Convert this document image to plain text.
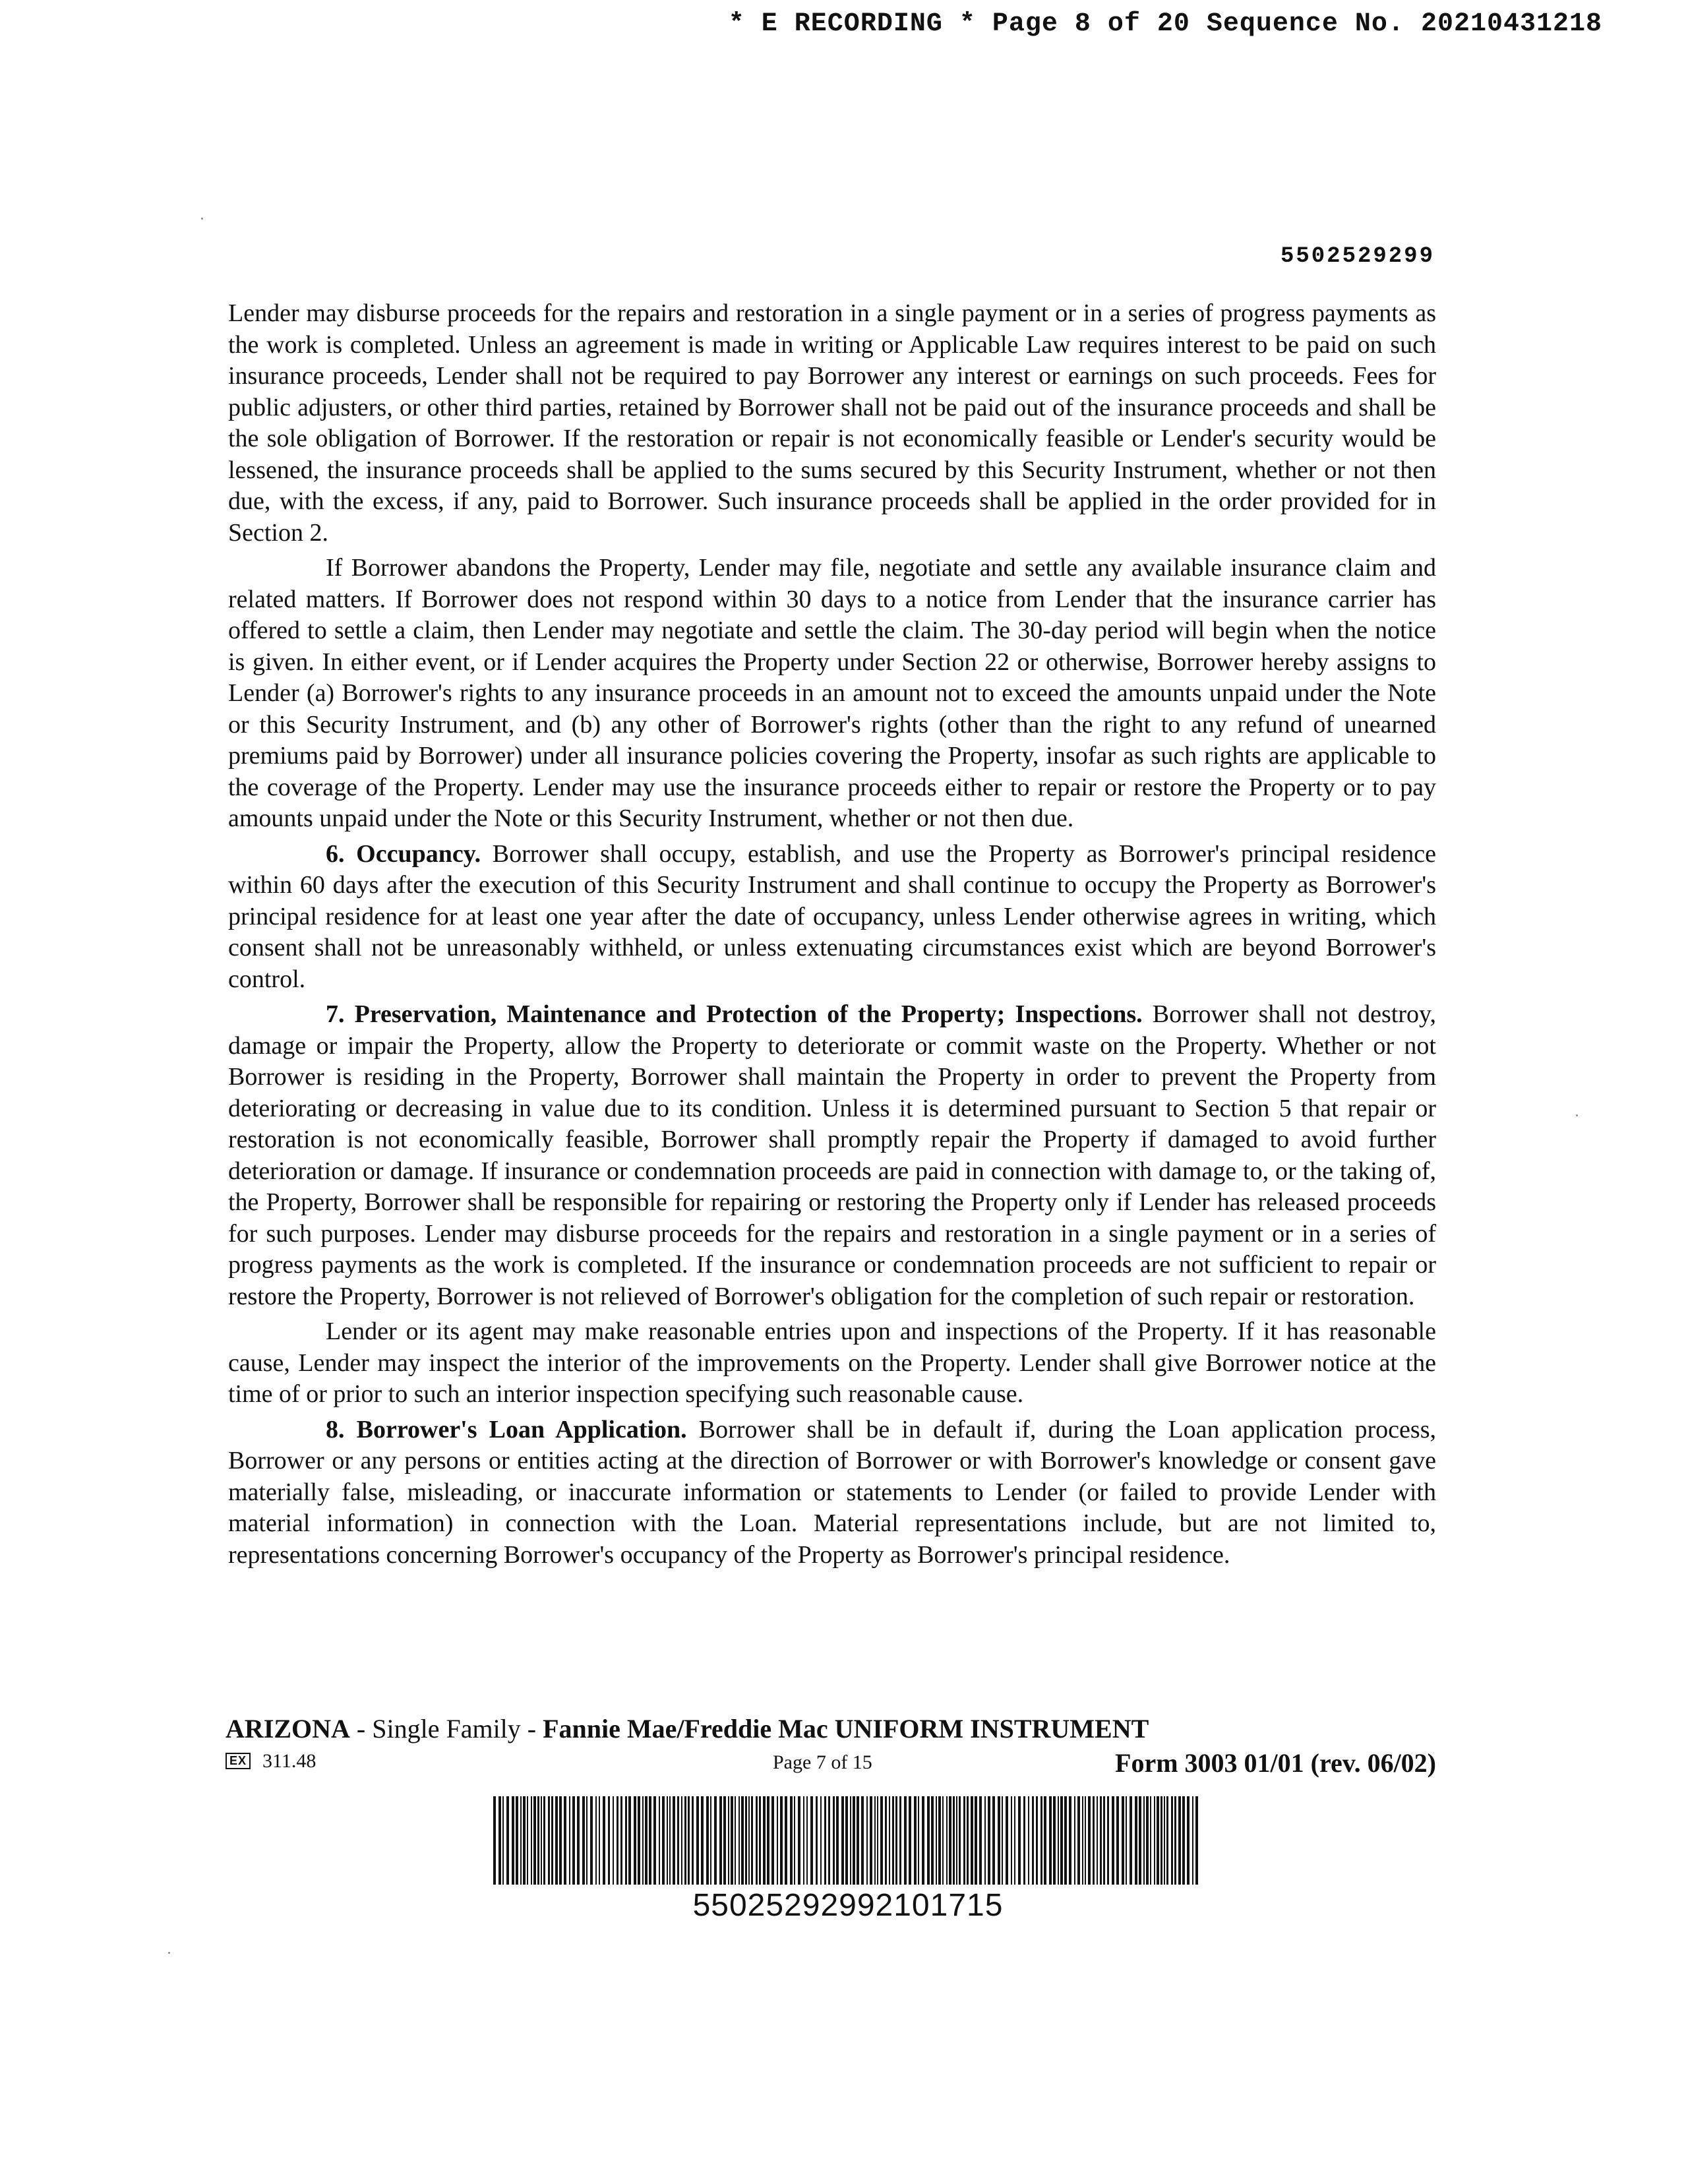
* E RECORDING * Page 8 of 20 Sequence No. 20210431218
5502529299

Lender may disburse proceeds for the repairs and restoration in a single payment or in a series of progress payments as the work is completed. Unless an agreement is made in writing or Applicable Law requires interest to be paid on such insurance proceeds, Lender shall not be required to pay Borrower any interest or earnings on such proceeds. Fees for public adjusters, or other third parties, retained by Borrower shall not be paid out of the insurance proceeds and shall be the sole obligation of Borrower. If the restoration or repair is not economically feasible or Lender's security would be lessened, the insurance proceeds shall be applied to the sums secured by this Security Instrument, whether or not then due, with the excess, if any, paid to Borrower. Such insurance proceeds shall be applied in the order provided for in Section 2.

If Borrower abandons the Property, Lender may file, negotiate and settle any available insurance claim and related matters. If Borrower does not respond within 30 days to a notice from Lender that the insurance carrier has offered to settle a claim, then Lender may negotiate and settle the claim. The 30-day period will begin when the notice is given. In either event, or if Lender acquires the Property under Section 22 or otherwise, Borrower hereby assigns to Lender (a) Borrower's rights to any insurance proceeds in an amount not to exceed the amounts unpaid under the Note or this Security Instrument, and (b) any other of Borrower's rights (other than the right to any refund of unearned premiums paid by Borrower) under all insurance policies covering the Property, insofar as such rights are applicable to the coverage of the Property. Lender may use the insurance proceeds either to repair or restore the Property or to pay amounts unpaid under the Note or this Security Instrument, whether or not then due.

6. Occupancy. Borrower shall occupy, establish, and use the Property as Borrower's principal residence within 60 days after the execution of this Security Instrument and shall continue to occupy the Property as Borrower's principal residence for at least one year after the date of occupancy, unless Lender otherwise agrees in writing, which consent shall not be unreasonably withheld, or unless extenuating circumstances exist which are beyond Borrower's control.

7. Preservation, Maintenance and Protection of the Property; Inspections. Borrower shall not destroy, damage or impair the Property, allow the Property to deteriorate or commit waste on the Property. Whether or not Borrower is residing in the Property, Borrower shall maintain the Property in order to prevent the Property from deteriorating or decreasing in value due to its condition. Unless it is determined pursuant to Section 5 that repair or restoration is not economically feasible, Borrower shall promptly repair the Property if damaged to avoid further deterioration or damage. If insurance or condemnation proceeds are paid in connection with damage to, or the taking of, the Property, Borrower shall be responsible for repairing or restoring the Property only if Lender has released proceeds for such purposes. Lender may disburse proceeds for the repairs and restoration in a single payment or in a series of progress payments as the work is completed. If the insurance or condemnation proceeds are not sufficient to repair or restore the Property, Borrower is not relieved of Borrower's obligation for the completion of such repair or restoration.

Lender or its agent may make reasonable entries upon and inspections of the Property. If it has reasonable cause, Lender may inspect the interior of the improvements on the Property. Lender shall give Borrower notice at the time of or prior to such an interior inspection specifying such reasonable cause.

8. Borrower's Loan Application. Borrower shall be in default if, during the Loan application process, Borrower or any persons or entities acting at the direction of Borrower or with Borrower's knowledge or consent gave materially false, misleading, or inaccurate information or statements to Lender (or failed to provide Lender with material information) in connection with the Loan. Material representations include, but are not limited to, representations concerning Borrower's occupancy of the Property as Borrower's principal residence.

ARIZONA - Single Family - Fannie Mae/Freddie Mac UNIFORM INSTRUMENT
EX 311.48	Page 7 of 15	Form 3003 01/01 (rev. 06/02)
55025292992101715
